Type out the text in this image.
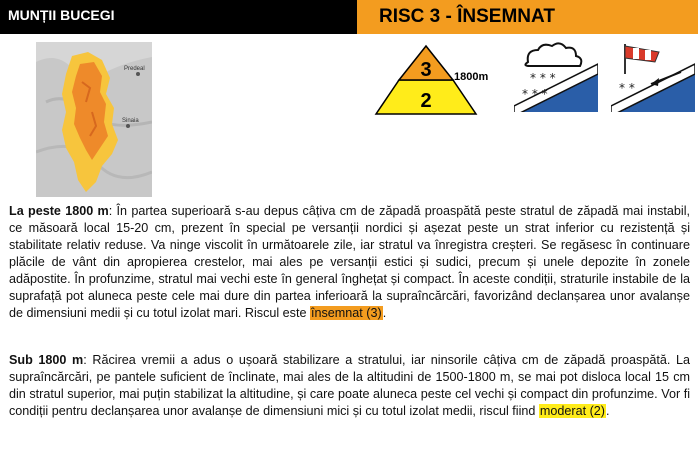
MUNȚII BUCEGI	RISC 3 - ÎNSEMNAT
Predeal
Sinaia
3
2
1800m	* * *
* * *	* *

La peste 1800 m: În partea superioară s-au depus câțiva cm de zăpadă proaspătă peste stratul de zăpadă mai instabil, ce măsoară local 15-20 cm, prezent în special pe versanții nordici și așezat peste un strat inferior cu rezistență și stabilitate relativ reduse. Va ninge viscolit în următoarele zile, iar stratul va înregistra creșteri. Se regăsesc în continuare plăcile de vânt din apropierea crestelor, mai ales pe versanții estici și sudici, precum și unele depozite în zonele adăpostite. În profunzime, stratul mai vechi este în general înghețat și compact. În aceste condiții, straturile instabile de la suprafață pot aluneca peste cele mai dure din partea inferioară la supraîncărcări, favorizând declanșarea unor avalanșe de dimensiuni medii și cu totul izolat mari. Riscul este însemnat (3).

Sub 1800 m: Răcirea vremii a adus o ușoară stabilizare a stratului, iar ninsorile câțiva cm de zăpadă proaspătă. La supraîncărcări, pe pantele suficient de înclinate, mai ales de la altitudini de 1500-1800 m, se mai pot disloca local 15 cm din stratul superior, mai puțin stabilizat la altitudine, și care poate aluneca peste cel vechi și compact din profunzime. Vor fi condiții pentru declanșarea unor avalanșe de dimensiuni mici și cu totul izolat medii, riscul fiind moderat (2).
